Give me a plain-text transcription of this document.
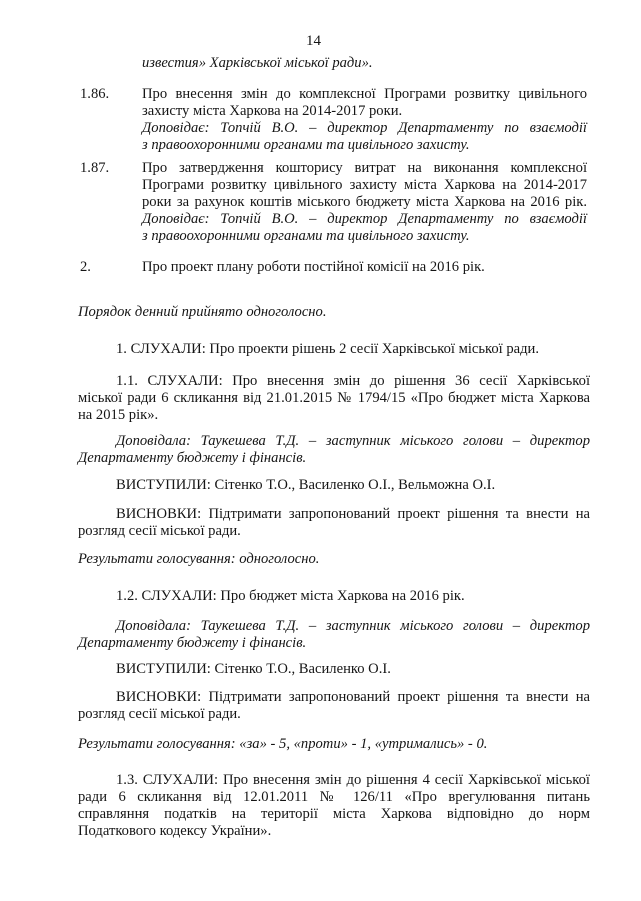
14
известия» Харківської міської ради».
1.86. Про внесення змін до комплексної Програми розвитку цивільного
захисту міста Харкова на 2014-2017 роки.
Доповідає: Топчій В.О. – директор Департаменту по взаємодії
з правоохоронними органами та цивільного захисту.
1.87. Про затвердження кошторису витрат на виконання комплексної
Програми розвитку цивільного захисту міста Харкова на 2014-2017
роки за рахунок коштів міського бюджету міста Харкова на 2016 рік.
Доповідає: Топчій В.О. – директор Департаменту по взаємодії
з правоохоронними органами та цивільного захисту.
2.	Про проект плану роботи постійної комісії на 2016 рік.
Порядок денний прийнято одноголосно.
1. СЛУХАЛИ: Про проекти рішень 2 сесії Харківської міської ради.
1.1. СЛУХАЛИ: Про внесення змін до рішення 36 сесії Харківської
міської ради 6 скликання від 21.01.2015 № 1794/15 «Про бюджет міста Харкова
на 2015 рік».
Доповідала: Таукешева Т.Д. – заступник міського голови – директор
Департаменту бюджету і фінансів.
ВИСТУПИЛИ: Сітенко Т.О., Василенко О.І., Вельможна О.І.
ВИСНОВКИ: Підтримати запропонований проект рішення та внести на
розгляд сесії міської ради.
Результати голосування: одноголосно.
1.2. СЛУХАЛИ: Про бюджет міста Харкова на 2016 рік.
Доповідала: Таукешева Т.Д. – заступник міського голови – директор
Департаменту бюджету і фінансів.
ВИСТУПИЛИ: Сітенко Т.О., Василенко О.І.
ВИСНОВКИ: Підтримати запропонований проект рішення та внести на
розгляд сесії міської ради.
Результати голосування: «за» - 5, «проти» - 1, «утримались» - 0.
1.3. СЛУХАЛИ: Про внесення змін до рішення 4 сесії Харківської міської
ради 6 скликання від 12.01.2011 № 126/11 «Про врегулювання питань
справляння податків на території міста Харкова відповідно до норм
Податкового кодексу України».
